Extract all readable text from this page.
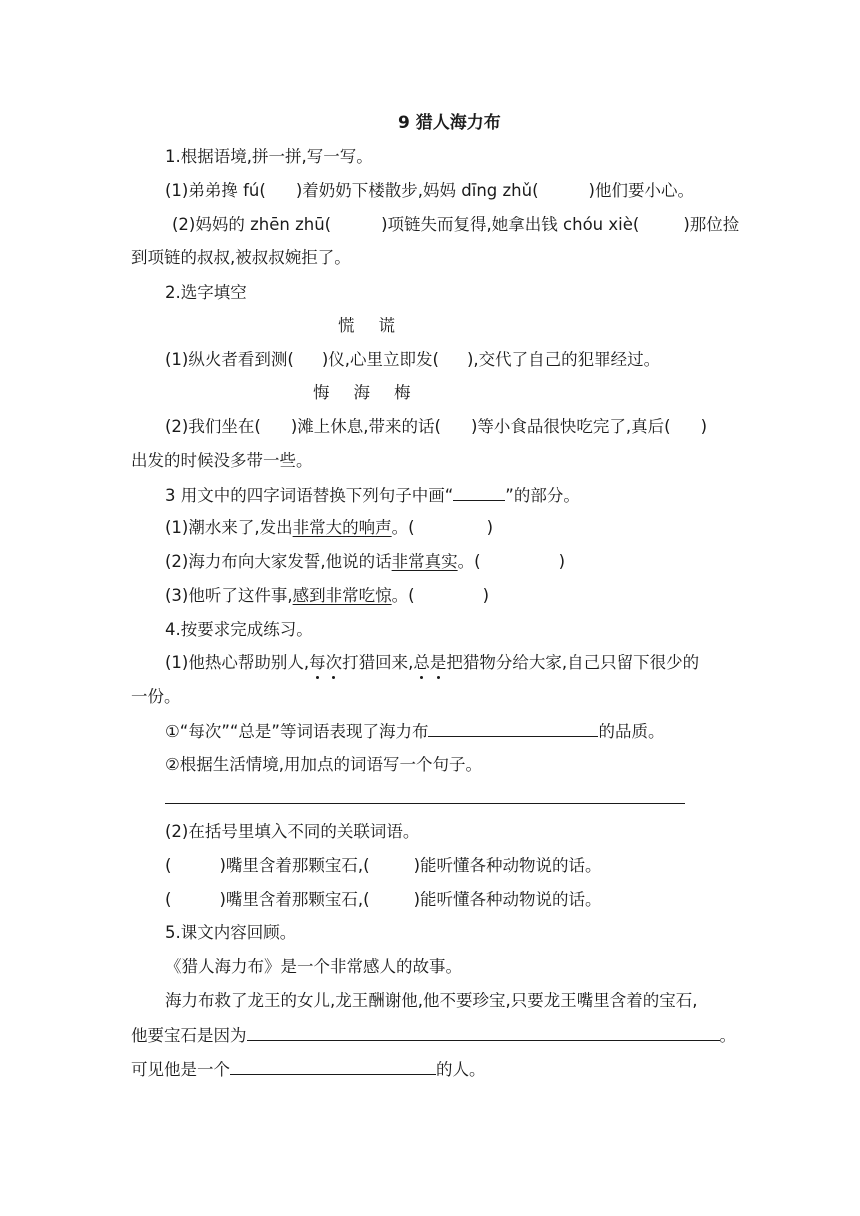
9 猎人海力布
1.根据语境,拼一拼,写一写。
(1)弟弟搀 fú( )着奶奶下楼散步,妈妈 dīng zhǔ(	)他们要小心。
(2)妈妈的 zhēn zhū(	)项链失而复得,她拿出钱 chóu xiè(	)那位捡
到项链的叔叔,被叔叔婉拒了。
2.选字填空
慌 谎
(1)纵火者看到测( )仪,心里立即发( ),交代了自己的犯罪经过。
悔 海 梅
(2)我们坐在( )滩上休息,带来的话( )等小食品很快吃完了,真后( )
出发的时候没多带一些。
3 用文中的四字词语替换下列句子中画“	”的部分。
(1)潮水来了,发出非常大的响声。(	)
(2)海力布向大家发誓,他说的话非常真实。(	)
(3)他听了这件事,感到非常吃惊。(	)
4.按要求完成练习。
(1)他热心帮助别人,每次打猎回来,总是把猎物分给大家,自己只留下很少的
一份。
①“每次”“总是”等词语表现了海力布	的品质。
②根据生活情境,用加点的词语写一个句子。
(2)在括号里填入不同的关联词语。
(	)嘴里含着那颗宝石,(	)能听懂各种动物说的话。
(	)嘴里含着那颗宝石,(	)能听懂各种动物说的话。
5.课文内容回顾。
《猎人海力布》是一个非常感人的故事。
海力布救了龙王的女儿,龙王酬谢他,他不要珍宝,只要龙王嘴里含着的宝石,
他要宝石是因为	。
可见他是一个	的人。
